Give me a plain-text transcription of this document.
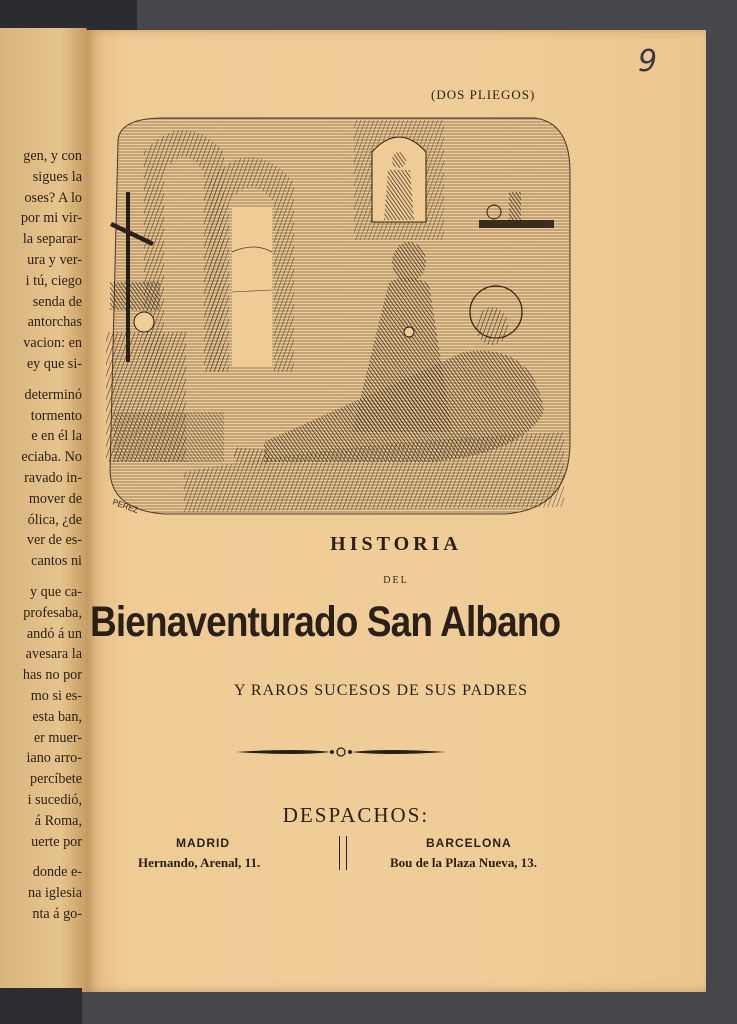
gen, y con
sigues la
oses? A lo
por mi vir-
la separar-
ura y ver-
i tú, ciego
senda de
antorchas
vacion: en
ey que si-
determinó
tormento
e en él la
eciaba. No
ravado in-
mover de
ólica, ¿de
ver de es-
cantos ni
y que ca-
profesaba,
andó á un
avesara la
has no por
mo si es-
esta ban,
er muer-
iano arro-
percíbete
i sucedió,
á Roma,
uerte por
donde e-
na iglesia
nta á go-
9
(DOS PLIEGOS)
PEREZ
HISTORIA
DEL
Bienaventurado San Albano
Y RAROS SUCESOS DE SUS PADRES
DESPACHOS:
MADRID
Hernando, Arenal, 11.
BARCELONA
Bou de la Plaza Nueva, 13.
